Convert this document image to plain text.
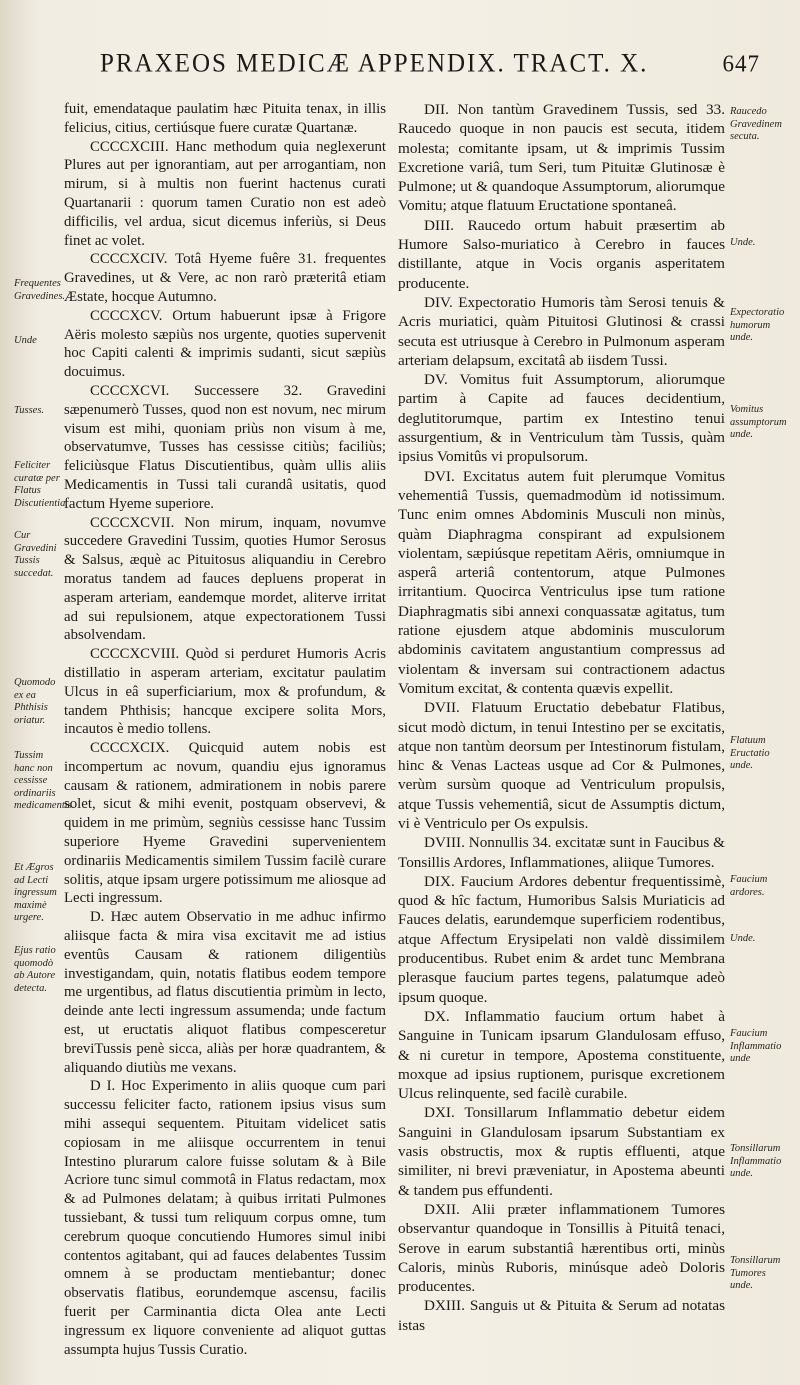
PRAXEOS MEDICÆ APPENDIX. TRACT. X.	647

fuit, emendataque paulatim hæc Pituita tenax, in illis felicius, citius, certiúsque fuere curatæ Quartanæ.

CCCCXCIII. Hanc methodum quia neglexerunt Plures aut per ignorantiam, aut per arrogantiam, non mirum, si à multis non fuerint hactenus curati Quartanarii : quorum tamen Curatio non est adeò difficilis, vel ardua, sicut dicemus inferiùs, si Deus finet ac volet.

CCCCXCIV. Totâ Hyeme fuêre 31. frequentes Gravedines, ut & Vere, ac non rarò præteritâ etiam Æstate, hocque Autumno.

CCCCXCV. Ortum habuerunt ipsæ à Frigore Aëris molesto sæpiùs nos urgente, quoties supervenit hoc Capiti calenti & imprimis sudanti, sicut sæpiùs docuimus.

CCCCXCVI. Successere 32. Gravedini sæpenumerò Tusses, quod non est novum, nec mirum visum est mihi, quoniam priùs non visum à me, observatumve, Tusses has cessisse citiùs; faciliùs; feliciùsque Flatus Discutientibus, quàm ullis aliis Medicamentis in Tussi tali curandâ usitatis, quod factum Hyeme superiore.

CCCCXCVII. Non mirum, inquam, novumve succedere Gravedini Tussim, quoties Humor Serosus & Salsus, æquè ac Pituitosus aliquandiu in Cerebro moratus tandem ad fauces depluens properat in asperam arteriam, eandemque mordet, aliterve irritat ad sui repulsionem, atque expectorationem Tussi absolvendam.

CCCCXCVIII. Quòd si perduret Humoris Acris distillatio in asperam arteriam, excitatur paulatim Ulcus in eâ superficiarium, mox & profundum, & tandem Phthisis; hancque excipere solita Mors, incautos è medio tollens.

CCCCXCIX. Quicquid autem nobis est incompertum ac novum, quandiu ejus ignoramus causam & rationem, admirationem in nobis parere solet, sicut & mihi evenit, postquam observevi, & quidem in me primùm, segniùs cessisse hanc Tussim superiore Hyeme Gravedini supervenientem ordinariis Medicamentis similem Tussim facilè curare solitis, atque ipsam urgere potissimum me aliosque ad Lecti ingressum.

D. Hæc autem Observatio in me adhuc infirmo aliisque facta & mira visa excitavit me ad istius eventûs Causam & rationem diligentiùs investigandam, quin, notatis flatibus eodem tempore me urgentibus, ad flatus discutientia primùm in lecto, deinde ante lecti ingressum assumenda; unde factum est, ut eructatis aliquot flatibus compesceretur breviTussis penè sicca, aliàs per horæ quadrantem, & aliquando diutiùs me vexans.

D I. Hoc Experimento in aliis quoque cum pari successu feliciter facto, rationem ipsius visus sum mihi assequi sequentem. Pituitam videlicet satis copiosam in me aliisque occurrentem in tenui Intestino plurarum calore fuisse solutam & à Bile Acriore tunc simul commotâ in Flatus redactam, mox & ad Pulmones delatam; à quibus irritati Pulmones tussiebant, & tussi tum reliquum corpus omne, tum cerebrum quoque concutiendo Humores simul inibi contentos agitabant, qui ad fauces delabentes Tussim omnem à se productam mentiebantur; donec observatis flatibus, eorundemque ascensu, facilis fuerit per Carminantia dicta Olea ante Lecti ingressum ex liquore conveniente ad aliquot guttas assumpta hujus Tussis Curatio.

DII. Non tantùm Gravedinem Tussis, sed 33. Raucedo quoque in non paucis est secuta, itidem molesta; comitante ipsam, ut & imprimis Tussim Excretione variâ, tum Seri, tum Pituitæ Glutinosæ è Pulmone; ut & quandoque Assumptorum, aliorumque Vomitu; atque flatuum Eructatione spontaneâ.

DIII. Raucedo ortum habuit præsertim ab Humore Salso-muriatico à Cerebro in fauces distillante, atque in Vocis organis asperitatem producente.

DIV. Expectoratio Humoris tàm Serosi tenuis & Acris muriatici, quàm Pituitosi Glutinosi & crassi secuta est utriusque à Cerebro in Pulmonum asperam arteriam delapsum, excitatâ ab iisdem Tussi.

DV. Vomitus fuit Assumptorum, aliorumque partim à Capite ad fauces decidentium, deglutitorumque, partim ex Intestino tenui assurgentium, & in Ventriculum tàm Tussis, quàm ipsius Vomitûs vi propulsorum.

DVI. Excitatus autem fuit plerumque Vomitus vehementiâ Tussis, quemadmodùm id notissimum. Tunc enim omnes Abdominis Musculi non minùs, quàm Diaphragma conspirant ad expulsionem violentam, sæpiúsque repetitam Aëris, omniumque in asperâ arteriâ contentorum, atque Pulmones irritantium. Quocirca Ventriculus ipse tum ratione Diaphragmatis sibi annexi conquassatæ agitatus, tum ratione ejusdem atque abdominis musculorum abdominis cavitatem angustantium compressus ad violentam & inversam sui contractionem adactus Vomitum excitat, & contenta quævis expellit.

DVII. Flatuum Eructatio debebatur Flatibus, sicut modò dictum, in tenui Intestino per se excitatis, atque non tantùm deorsum per Intestinorum fistulam, hinc & Venas Lacteas usque ad Cor & Pulmones, verùm sursùm quoque ad Ventriculum propulsis, atque Tussis vehementiâ, sicut de Assumptis dictum, vi è Ventriculo per Os expulsis.

DVIII. Nonnullis 34. excitatæ sunt in Faucibus & Tonsillis Ardores, Inflammationes, aliique Tumores.

DIX. Faucium Ardores debentur frequentissimè, quod & hîc factum, Humoribus Salsis Muriaticis ad Fauces delatis, earundemque superficiem rodentibus, atque Affectum Erysipelati non valdè dissimilem producentibus. Rubet enim & ardet tunc Membrana plerasque faucium partes tegens, palatumque adeò ipsum quoque.

DX. Inflammatio faucium ortum habet à Sanguine in Tunicam ipsarum Glandulosam effuso, & ni curetur in tempore, Apostema constituente, moxque ad ipsius ruptionem, purisque excretionem Ulcus relinquente, sed facilè curabile.

DXI. Tonsillarum Inflammatio debetur eidem Sanguini in Glandulosam ipsarum Substantiam ex vasis obstructis, mox & ruptis effluenti, atque similiter, ni brevi præveniatur, in Apostema abeunti & tandem pus effundenti.

DXII. Alii præter inflammationem Tumores observantur quandoque in Tonsillis à Pituitâ tenaci, Serove in earum substantiâ hærentibus orti, minùs Caloris, minùs Ruboris, minúsque adeò Doloris producentes.

DXIII. Sanguis ut & Pituita & Serum ad notatas istas

Frequentes Gravedines.
Unde
Tusses.
Feliciter curatæ per Flatus Discutientia.
Cur Gravedini Tussis succedat.
Quomodo ex ea Phthisis oriatur.
Tussim hanc non cessisse ordinariis medicamentis.
Et Ægros ad Lecti ingressum maximè urgere.
Ejus ratio quomodò ab Autore detecta.
Raucedo Gravedinem secuta.
Unde.
Expectoratio humorum unde.
Vomitus assumptorum unde.
Flatuum Eructatio unde.
Faucium ardores.
Unde.
Faucium Inflammatio unde
Tonsillarum Inflammatio unde.
Tonsillarum Tumores unde.
